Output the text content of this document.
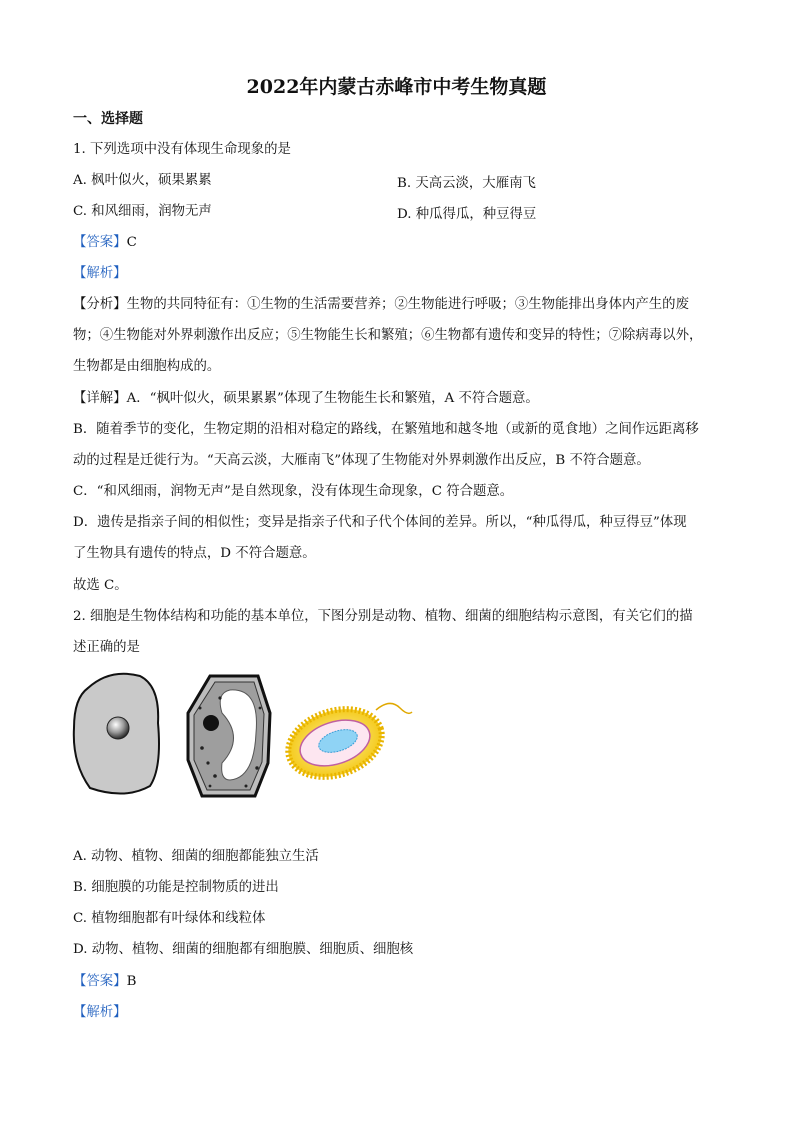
2022年内蒙古赤峰市中考生物真题
一、选择题
1. 下列选项中没有体现生命现象的是
A. 枫叶似火，硕果累累	B. 天高云淡，大雁南飞
C. 和风细雨，润物无声	D. 种瓜得瓜，种豆得豆
【答案】C
【解析】
【分析】生物的共同特征有：①生物的生活需要营养；②生物能进行呼吸；③生物能排出身体内产生的废
物；④生物能对外界刺激作出反应；⑤生物能生长和繁殖；⑥生物都有遗传和变异的特性；⑦除病毒以外，
生物都是由细胞构成的。
【详解】A．“枫叶似火，硕果累累”体现了生物能生长和繁殖，A 不符合题意。
B．随着季节的变化，生物定期的沿相对稳定的路线，在繁殖地和越冬地（或新的觅食地）之间作远距离移
动的过程是迁徙行为。“天高云淡，大雁南飞”体现了生物能对外界刺激作出反应，B 不符合题意。
C．“和风细雨，润物无声”是自然现象，没有体现生命现象，C 符合题意。
D．遗传是指亲子间的相似性；变异是指亲子代和子代个体间的差异。所以，“种瓜得瓜，种豆得豆”体现
了生物具有遗传的特点，D 不符合题意。
故选 C。
2. 细胞是生物体结构和功能的基本单位，下图分别是动物、植物、细菌的细胞结构示意图，有关它们的描
述正确的是
A. 动物、植物、细菌的细胞都能独立生活
B. 细胞膜的功能是控制物质的进出
C. 植物细胞都有叶绿体和线粒体
D. 动物、植物、细菌的细胞都有细胞膜、细胞质、细胞核
【答案】B
【解析】
